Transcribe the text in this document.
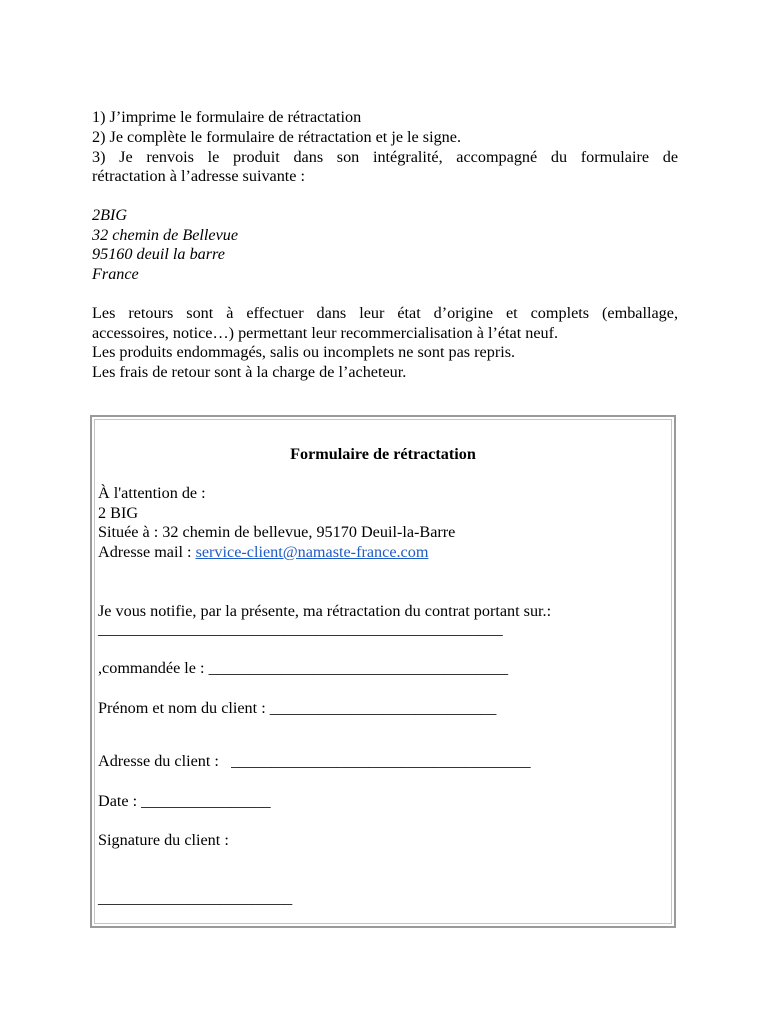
1) J’imprime le formulaire de rétractation
2) Je complète le formulaire de rétractation et je le signe.
3) Je renvois le produit dans son intégralité, accompagné du formulaire de
rétractation à l’adresse suivante :
2BIG
32 chemin de Bellevue
95160 deuil la barre
France
Les retours sont à effectuer dans leur état d’origine et complets (emballage,
accessoires, notice…) permettant leur recommercialisation à l’état neuf.
Les produits endommagés, salis ou incomplets ne sont pas repris.
Les frais de retour sont à la charge de l’acheteur.
Formulaire de rétractation
À l'attention de :
2 BIG
Située à : 32 chemin de bellevue, 95170 Deuil-la-Barre
Adresse mail : service-client@namaste-france.com
Je vous notifie, par la présente, ma rétractation du contrat portant sur.:
__________________________________________________
,commandée le : _____________________________________
Prénom et nom du client : ____________________________
Adresse du client :   _____________________________________
Date : ________________
Signature du client :
________________________
